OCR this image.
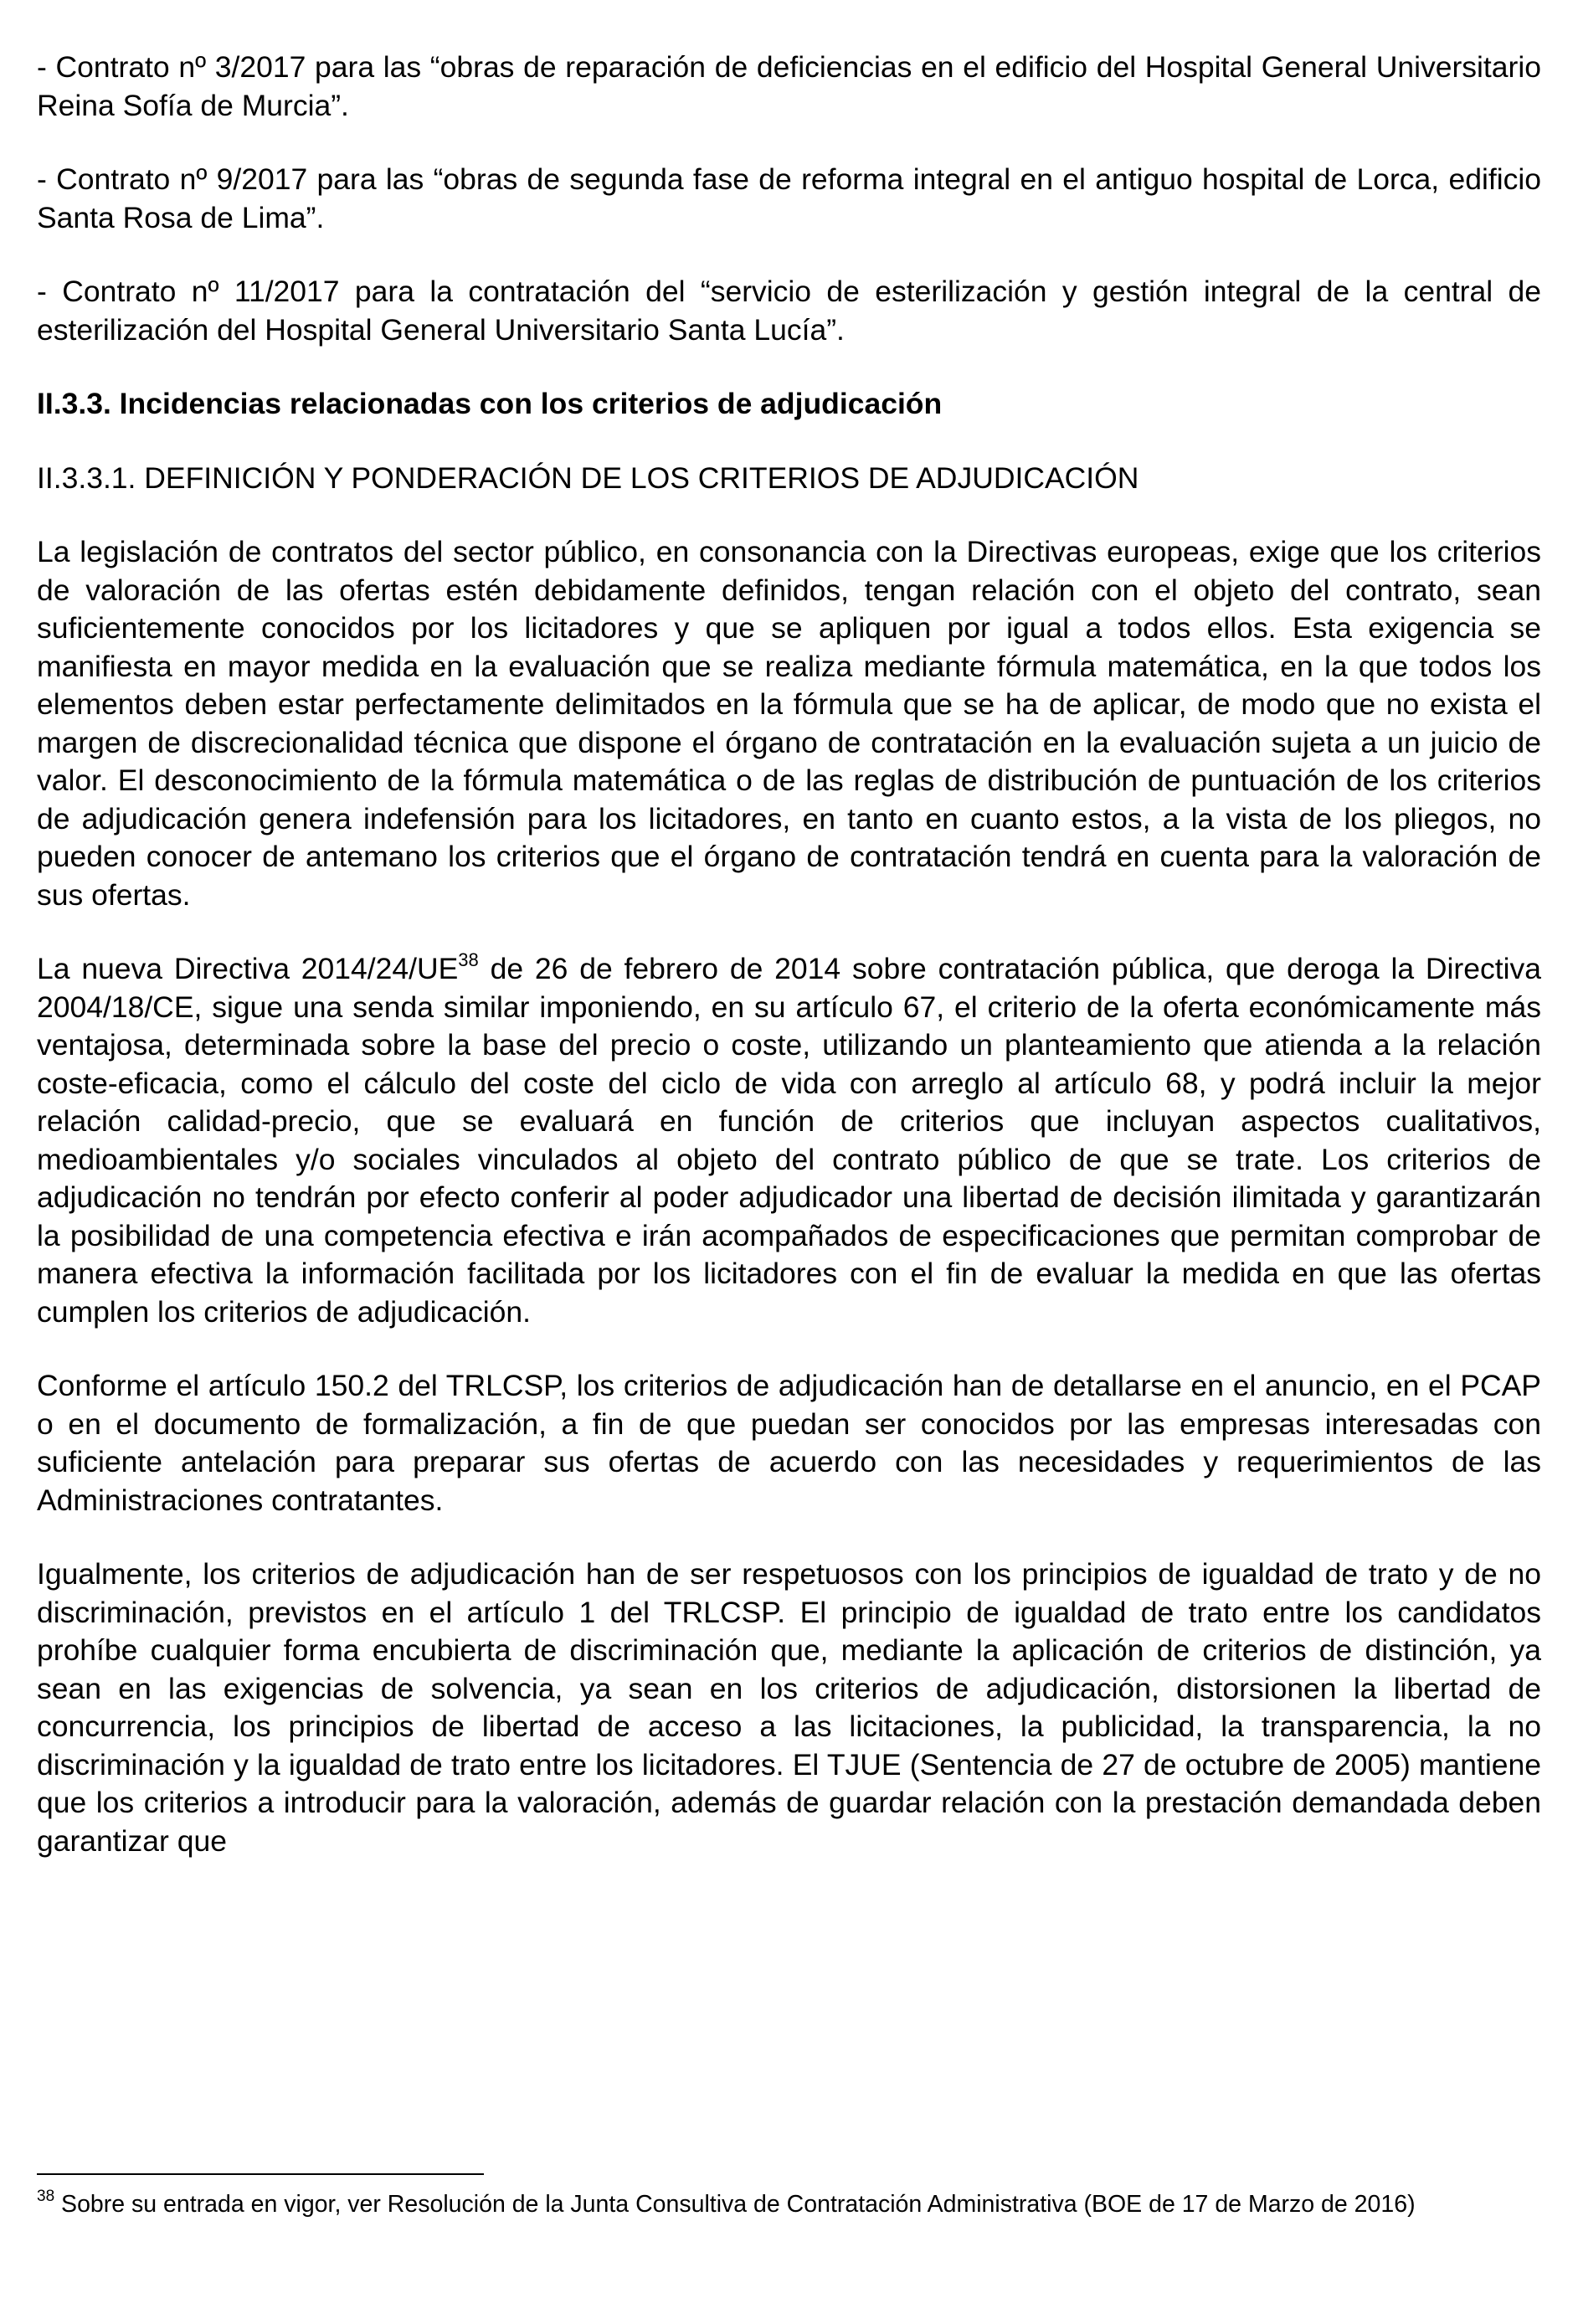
- Contrato nº 3/2017 para las “obras de reparación de deficiencias en el edificio del Hospital General Universitario Reina Sofía de Murcia”.

- Contrato nº 9/2017 para las “obras de segunda fase de reforma integral en el antiguo hospital de Lorca, edificio Santa Rosa de Lima”.

- Contrato nº 11/2017 para la contratación del “servicio de esterilización y gestión integral de la central de esterilización del Hospital General Universitario Santa Lucía”.

II.3.3. Incidencias relacionadas con los criterios de adjudicación

II.3.3.1. DEFINICIÓN Y PONDERACIÓN DE LOS CRITERIOS DE ADJUDICACIÓN

La legislación de contratos del sector público, en consonancia con la Directivas europeas, exige que los criterios de valoración de las ofertas estén debidamente definidos, tengan relación con el objeto del contrato, sean suficientemente conocidos por los licitadores y que se apliquen por igual a todos ellos. Esta exigencia se manifiesta en mayor medida en la evaluación que se realiza mediante fórmula matemática, en la que todos los elementos deben estar perfectamente delimitados en la fórmula que se ha de aplicar, de modo que no exista el margen de discrecionalidad técnica que dispone el órgano de contratación en la evaluación sujeta a un juicio de valor. El desconocimiento de la fórmula matemática o de las reglas de distribución de puntuación de los criterios de adjudicación genera indefensión para los licitadores, en tanto en cuanto estos, a la vista de los pliegos, no pueden conocer de antemano los criterios que el órgano de contratación tendrá en cuenta para la valoración de sus ofertas.

La nueva Directiva 2014/24/UE$^{38}$ de 26 de febrero de 2014 sobre contratación pública, que deroga la Directiva 2004/18/CE, sigue una senda similar imponiendo, en su artículo 67, el criterio de la oferta económicamente más ventajosa, determinada sobre la base del precio o coste, utilizando un planteamiento que atienda a la relación coste-eficacia, como el cálculo del coste del ciclo de vida con arreglo al artículo 68, y podrá incluir la mejor relación calidad-precio, que se evaluará en función de criterios que incluyan aspectos cualitativos, medioambientales y/o sociales vinculados al objeto del contrato público de que se trate. Los criterios de adjudicación no tendrán por efecto conferir al poder adjudicador una libertad de decisión ilimitada y garantizarán la posibilidad de una competencia efectiva e irán acompañados de especificaciones que permitan comprobar de manera efectiva la información facilitada por los licitadores con el fin de evaluar la medida en que las ofertas cumplen los criterios de adjudicación.

Conforme el artículo 150.2 del TRLCSP, los criterios de adjudicación han de detallarse en el anuncio, en el PCAP o en el documento de formalización, a fin de que puedan ser conocidos por las empresas interesadas con suficiente antelación para preparar sus ofertas de acuerdo con las necesidades y requerimientos de las Administraciones contratantes.

Igualmente, los criterios de adjudicación han de ser respetuosos con los principios de igualdad de trato y de no discriminación, previstos en el artículo 1 del TRLCSP. El principio de igualdad de trato entre los candidatos prohíbe cualquier forma encubierta de discriminación que, mediante la aplicación de criterios de distinción, ya sean en las exigencias de solvencia, ya sean en los criterios de adjudicación, distorsionen la libertad de concurrencia, los principios de libertad de acceso a las licitaciones, la publicidad, la transparencia, la no discriminación y la igualdad de trato entre los licitadores. El TJUE (Sentencia de 27 de octubre de 2005) mantiene que los criterios a introducir para la valoración, además de guardar relación con la prestación demandada deben garantizar que

$^{38}$ Sobre su entrada en vigor, ver Resolución de la Junta Consultiva de Contratación Administrativa (BOE de 17 de Marzo de 2016)
